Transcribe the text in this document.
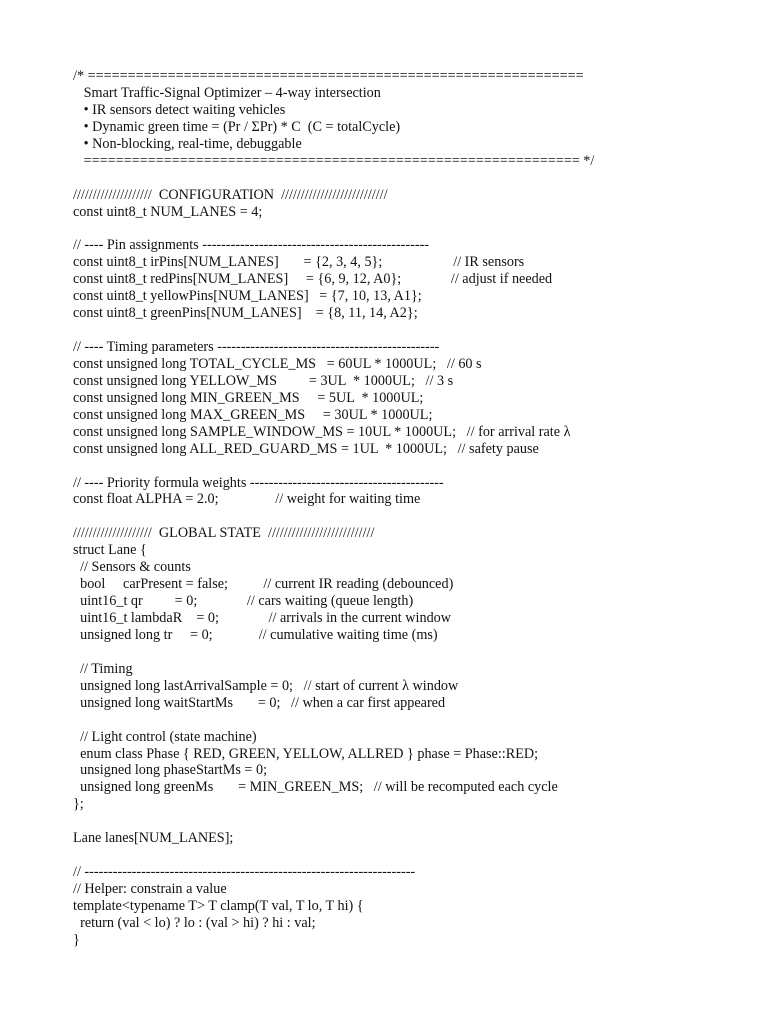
/* ==============================================================
Smart Traffic-Signal Optimizer – 4-way intersection
• IR sensors detect waiting vehicles
• Dynamic green time = (Pr / ΣPr) * C  (C = totalCycle)
• Non-blocking, real-time, debuggable
============================================================== */
////////////////////  CONFIGURATION  ///////////////////////////
const uint8_t NUM_LANES = 4;
// ---- Pin assignments ------------------------------------------------
const uint8_t irPins[NUM_LANES]       = {2, 3, 4, 5};                    // IR sensors
const uint8_t redPins[NUM_LANES]     = {6, 9, 12, A0};              // adjust if needed
const uint8_t yellowPins[NUM_LANES]   = {7, 10, 13, A1};
const uint8_t greenPins[NUM_LANES]    = {8, 11, 14, A2};
// ---- Timing parameters -----------------------------------------------
const unsigned long TOTAL_CYCLE_MS   = 60UL * 1000UL;   // 60 s
const unsigned long YELLOW_MS         = 3UL  * 1000UL;   // 3 s
const unsigned long MIN_GREEN_MS     = 5UL  * 1000UL;
const unsigned long MAX_GREEN_MS     = 30UL * 1000UL;
const unsigned long SAMPLE_WINDOW_MS = 10UL * 1000UL;   // for arrival rate λ
const unsigned long ALL_RED_GUARD_MS = 1UL  * 1000UL;   // safety pause
// ---- Priority formula weights -----------------------------------------
const float ALPHA = 2.0;                // weight for waiting time
////////////////////  GLOBAL STATE  ///////////////////////////
struct Lane {
// Sensors & counts
bool     carPresent = false;          // current IR reading (debounced)
uint16_t qr         = 0;              // cars waiting (queue length)
uint16_t lambdaR    = 0;              // arrivals in the current window
unsigned long tr     = 0;             // cumulative waiting time (ms)
// Timing
unsigned long lastArrivalSample = 0;   // start of current λ window
unsigned long waitStartMs       = 0;   // when a car first appeared
// Light control (state machine)
enum class Phase { RED, GREEN, YELLOW, ALLRED } phase = Phase::RED;
unsigned long phaseStartMs = 0;
unsigned long greenMs       = MIN_GREEN_MS;   // will be recomputed each cycle
};
Lane lanes[NUM_LANES];
// ----------------------------------------------------------------------
// Helper: constrain a value
template<typename T> T clamp(T val, T lo, T hi) {
return (val < lo) ? lo : (val > hi) ? hi : val;
}
